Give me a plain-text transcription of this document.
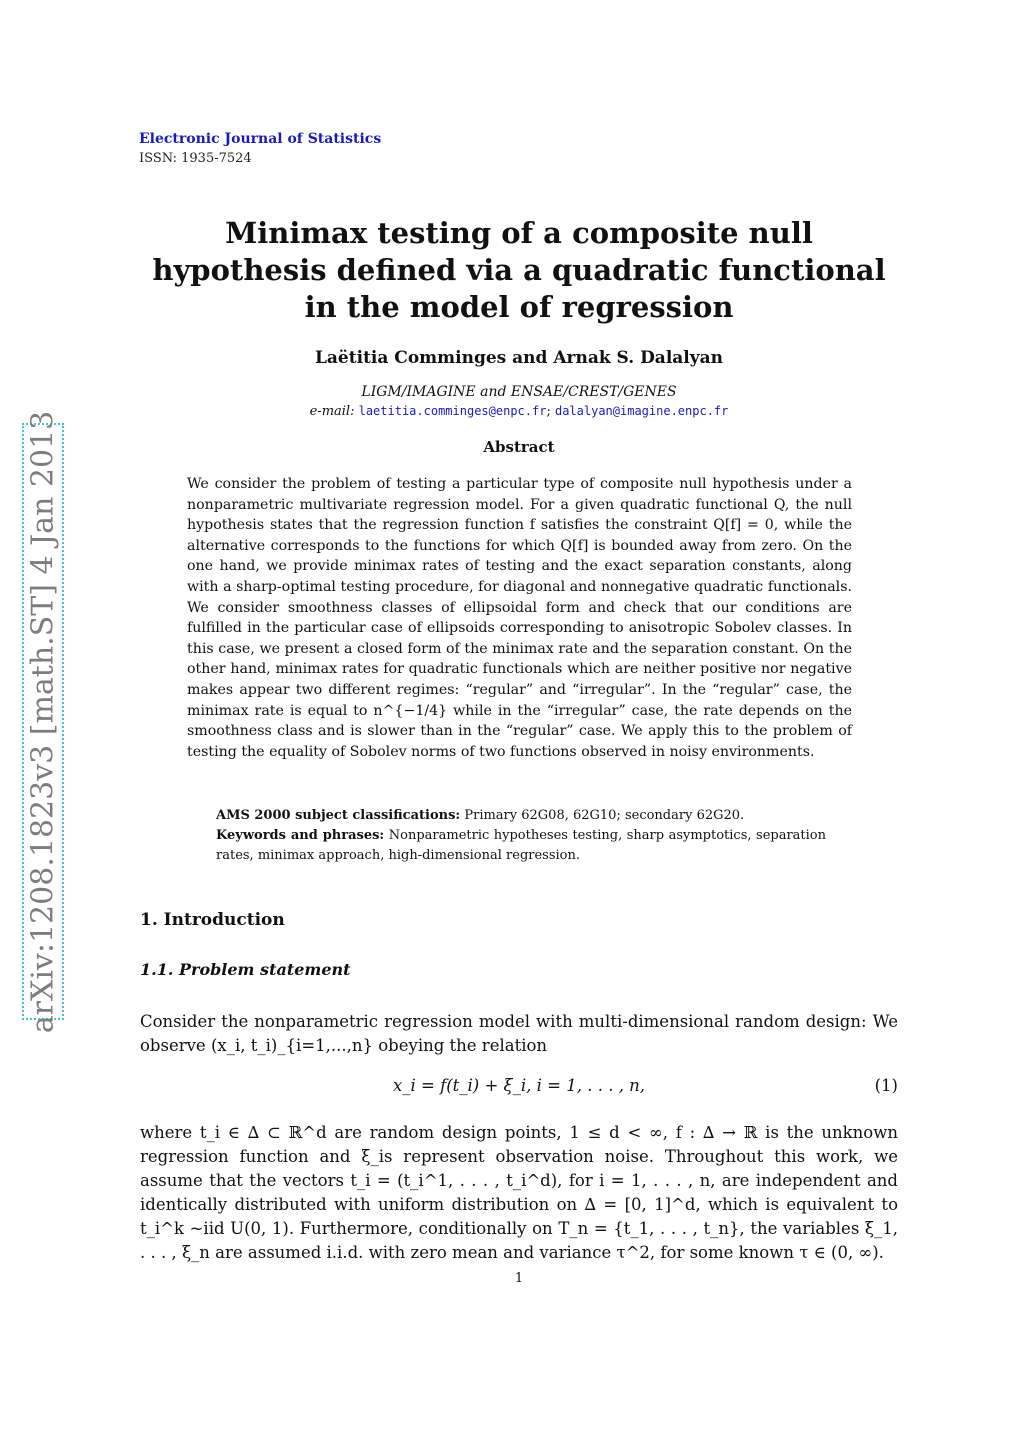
Electronic Journal of Statistics
ISSN: 1935-7524
arXiv:1208.1823v3 [math.ST] 4 Jan 2013
Minimax testing of a composite null hypothesis defined via a quadratic functional in the model of regression
Laëtitia Comminges and Arnak S. Dalalyan
LIGM/IMAGINE and ENSAE/CREST/GENES
e-mail: laetitia.comminges@enpc.fr; dalalyan@imagine.enpc.fr
Abstract

We consider the problem of testing a particular type of composite null hypothesis under a nonparametric multivariate regression model. For a given quadratic functional Q, the null hypothesis states that the regression function f satisfies the constraint Q[f] = 0, while the alternative corresponds to the functions for which Q[f] is bounded away from zero. On the one hand, we provide minimax rates of testing and the exact separation constants, along with a sharp-optimal testing procedure, for diagonal and nonnegative quadratic functionals. We consider smoothness classes of ellipsoidal form and check that our conditions are fulfilled in the particular case of ellipsoids corresponding to anisotropic Sobolev classes. In this case, we present a closed form of the minimax rate and the separation constant. On the other hand, minimax rates for quadratic functionals which are neither positive nor negative makes appear two different regimes: “regular” and “irregular”. In the “regular” case, the minimax rate is equal to n^{−1/4} while in the “irregular” case, the rate depends on the smoothness class and is slower than in the “regular” case. We apply this to the problem of testing the equality of Sobolev norms of two functions observed in noisy environments.

AMS 2000 subject classifications: Primary 62G08, 62G10; secondary 62G20.
Keywords and phrases: Nonparametric hypotheses testing, sharp asymptotics, separation rates, minimax approach, high-dimensional regression.
1. Introduction
1.1. Problem statement

Consider the nonparametric regression model with multi-dimensional random design: We observe (x_i, t_i)_{i=1,...,n} obeying the relation

x_i = f(t_i) + ξ_i, i = 1, . . . , n,	(1)

where t_i ∈ ∆ ⊂ ℝ^d are random design points, 1 ≤ d < ∞, f : ∆ → ℝ is the unknown regression function and ξ_is represent observation noise. Throughout this work, we assume that the vectors t_i = (t_i^1, . . . , t_i^d), for i = 1, . . . , n, are independent and identically distributed with uniform distribution on ∆ = [0, 1]^d, which is equivalent to t_i^k ~iid U(0, 1). Furthermore, conditionally on T_n = {t_1, . . . , t_n}, the variables ξ_1, . . . , ξ_n are assumed i.i.d. with zero mean and variance τ^2, for some known τ ∈ (0, ∞).

1
